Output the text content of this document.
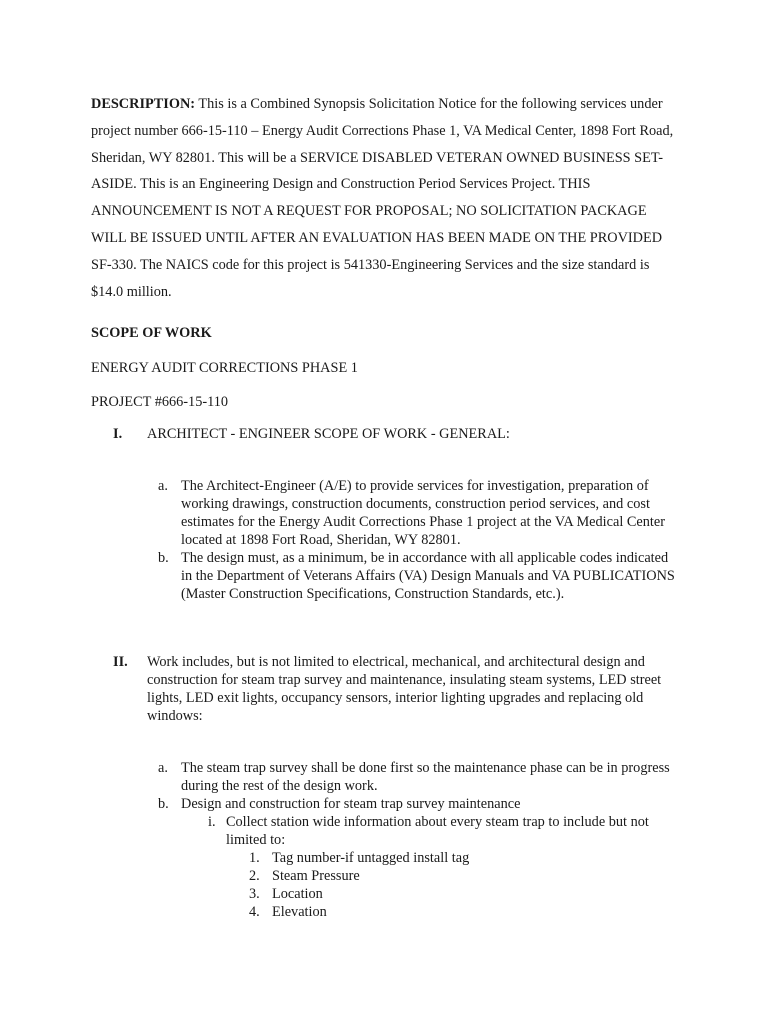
DESCRIPTION: This is a Combined Synopsis Solicitation Notice for the following services under project number 666-15-110 – Energy Audit Corrections Phase 1, VA Medical Center, 1898 Fort Road, Sheridan, WY 82801. This will be a SERVICE DISABLED VETERAN OWNED BUSINESS SET-ASIDE. This is an Engineering Design and Construction Period Services Project. THIS ANNOUNCEMENT IS NOT A REQUEST FOR PROPOSAL; NO SOLICITATION PACKAGE WILL BE ISSUED UNTIL AFTER AN EVALUATION HAS BEEN MADE ON THE PROVIDED SF-330. The NAICS code for this project is 541330-Engineering Services and the size standard is $14.0 million.

SCOPE OF WORK

ENERGY AUDIT CORRECTIONS PHASE 1

PROJECT #666-15-110

I. ARCHITECT - ENGINEER SCOPE OF WORK - GENERAL:

a. The Architect-Engineer (A/E) to provide services for investigation, preparation of working drawings, construction documents, construction period services, and cost estimates for the Energy Audit Corrections Phase 1 project at the VA Medical Center located at 1898 Fort Road, Sheridan, WY 82801.
b. The design must, as a minimum, be in accordance with all applicable codes indicated in the Department of Veterans Affairs (VA) Design Manuals and VA PUBLICATIONS (Master Construction Specifications, Construction Standards, etc.).

II. Work includes, but is not limited to electrical, mechanical, and architectural design and construction for steam trap survey and maintenance, insulating steam systems, LED street lights, LED exit lights, occupancy sensors, interior lighting upgrades and replacing old windows:

a. The steam trap survey shall be done first so the maintenance phase can be in progress during the rest of the design work.
b. Design and construction for steam trap survey maintenance
i. Collect station wide information about every steam trap to include but not limited to:
1. Tag number-if untagged install tag
2. Steam Pressure
3. Location
4. Elevation
